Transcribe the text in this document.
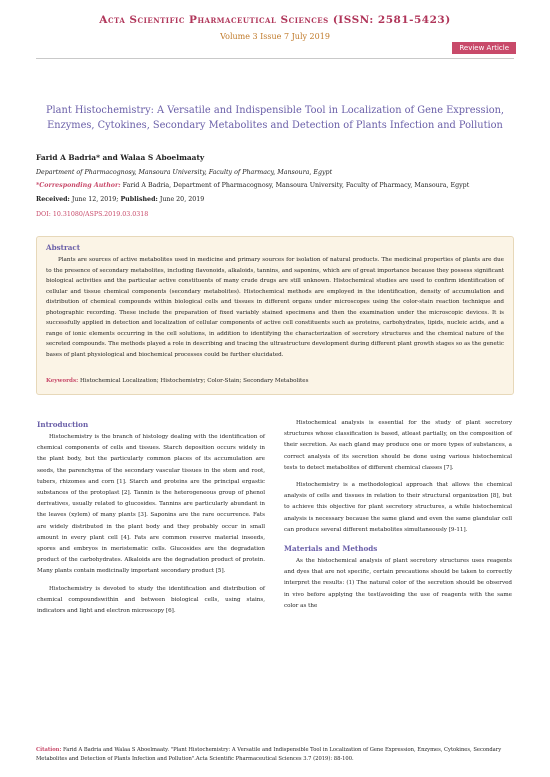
Acta Scientific Pharmaceutical Sciences (ISSN: 2581-5423)
Volume 3 Issue 7 July 2019
Review Article
Plant Histochemistry: A Versatile and Indispensible Tool in Localization of Gene Expression, Enzymes, Cytokines, Secondary Metabolites and Detection of Plants Infection and Pollution
Farid A Badria* and Walaa S Aboelmaaty
Department of Pharmacognosy, Mansoura University, Faculty of Pharmacy, Mansoura, Egypt
*Corresponding Author: Farid A Badria, Department of Pharmacognosy, Mansoura University, Faculty of Pharmacy, Mansoura, Egypt
Received: June 12, 2019; Published: June 20, 2019
DOI: 10.31080/ASPS.2019.03.0318
Abstract
Plants are sources of active metabolites used in medicine and primary sources for isolation of natural products. The medicinal properties of plants are due to the presence of secondary metabolites, including flavonoids, alkaloids, tannins, and saponins, which are of great importance because they possess significant biological activities and the particular active constituents of many crude drugs are still unknown. Histochemical studies are used to confirm identification of cellular and tissue chemical components (secondary metabolites). Histochemical methods are employed in the identification, density of accumulation and distribution of chemical compounds within biological cells and tissues in different organs under microscopes using the color-stain reaction technique and photographic recording. These include the preparation of fixed variably stained specimens and then the examination under the microscopic devices. It is successfully applied in detection and localization of cellular components of active cell constituents such as proteins, carbohydrates, lipids, nucleic acids, and a range of ionic elements occurring in the cell solutions, in addition to identifying the characterization of secretory structures and the chemical nature of the secreted compounds. The methods played a role in describing and tracing the ultrastructure development during different plant growth stages so as the genetic bases of plant physiological and biochemical processes could be further elucidated.
Keywords: Histochemical Localization; Histochemistry; Color-Stain; Secondary Metabolites
Introduction

Histochemistry is the branch of histology dealing with the identification of chemical components of cells and tissues. Starch deposition occurs widely in the plant body, but the particularly common places of its accumulation are seeds, the parenchyma of the secondary vascular tissues in the stem and root, tubers, rhizomes and corn [1]. Starch and proteins are the principal ergastic substances of the protoplast [2]. Tannin is the heterogeneous group of phenol derivatives, usually related to glucosides. Tannins are particularly abundant in the leaves (xylem) of many plants [3]. Saponins are the rare occurrence. Fats are widely distributed in the plant body and they probably occur in small amount in every plant cell [4]. Fats are common reserve material inseeds, spores and embryos in meristematic cells. Glucosides are the degradation product of the carbohydrates. Alkaloids are the degradation product of protein. Many plants contain medicinally important secondary product [5].

Histochemistry is devoted to study the identification and distribution of chemical compoundswithin and between biological cells, using stains, indicators and light and electron microscopy [6].

Histochemical analysis is essential for the study of plant secretory structures whose classification is based, atleast partially, on the composition of their secretion. As each gland may produce one or more types of substances, a correct analysis of its secretion should be done using various histochemical tests to detect metabolites of different chemical classes [7].

Histochemistry is a methodological approach that allows the chemical analysis of cells and tissues in relation to their structural organization [8], but to achieve this objective for plant secretory structures, a while histochemical analysis is necessary because the same gland and even the same glandular cell can produce several different metabolites simultaneously [9-11].

Materials and Methods

As the histochemical analysis of plant secretory structures uses reagents and dyes that are not specific, certain precautions should be taken to correctly interpret the results: (1) The natural color of the secretion should be observed in vivo before applying the test(avoiding the use of reagents with the same color as the

Citation: Farid A Badria and Walaa S Aboelmaaty. "Plant Histochemistry: A Versatile and Indispensible Tool in Localization of Gene Expression, Enzymes, Cytokines, Secondary Metabolites and Detection of Plants Infection and Pollution".Acta Scientific Pharmaceutical Sciences 3.7 (2019): 88-100.
